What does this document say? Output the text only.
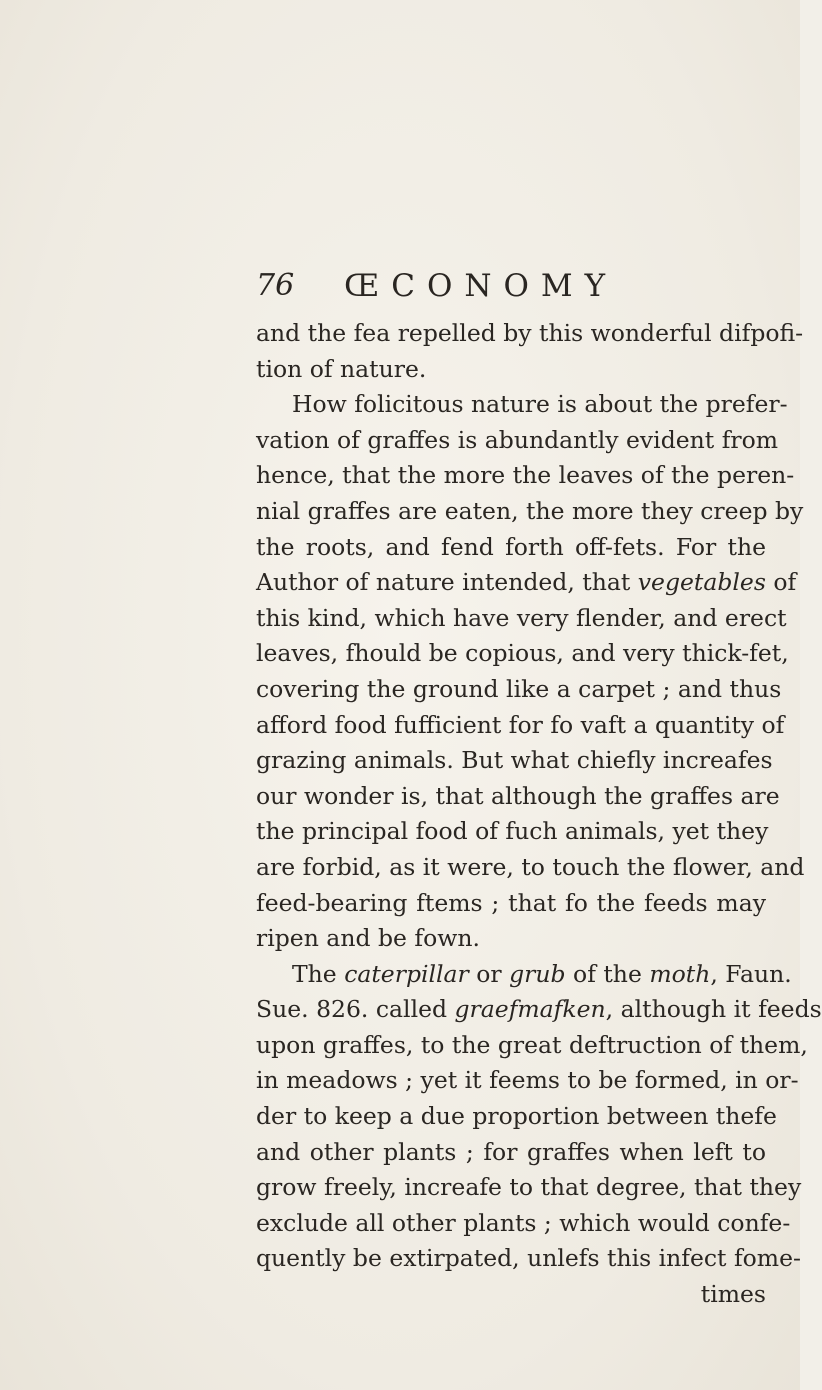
76 ŒCONOMY
and the fea repelled by this wonderful difpofi-
tion of nature.
How folicitous nature is about the prefer-
vation of graffes is abundantly evident from
hence, that the more the leaves of the peren-
nial graffes are eaten, the more they creep by
the roots, and fend forth off-fets. For the
Author of nature intended, that vegetables of
this kind, which have very flender, and erect
leaves, fhould be copious, and very thick-fet,
covering the ground like a carpet ; and thus
afford food fufficient for fo vaft a quantity of
grazing animals. But what chiefly increafes
our wonder is, that although the graffes are
the principal food of fuch animals, yet they
are forbid, as it were, to touch the flower, and
feed-bearing ftems ; that fo the feeds may
ripen and be fown.
The caterpillar or grub of the moth, Faun.
Sue. 826. called graefmafken, although it feeds
upon graffes, to the great deftruction of them,
in meadows ; yet it feems to be formed, in or-
der to keep a due proportion between thefe
and other plants ; for graffes when left to
grow freely, increafe to that degree, that they
exclude all other plants ; which would confe-
quently be extirpated, unlefs this infect fome-
times
